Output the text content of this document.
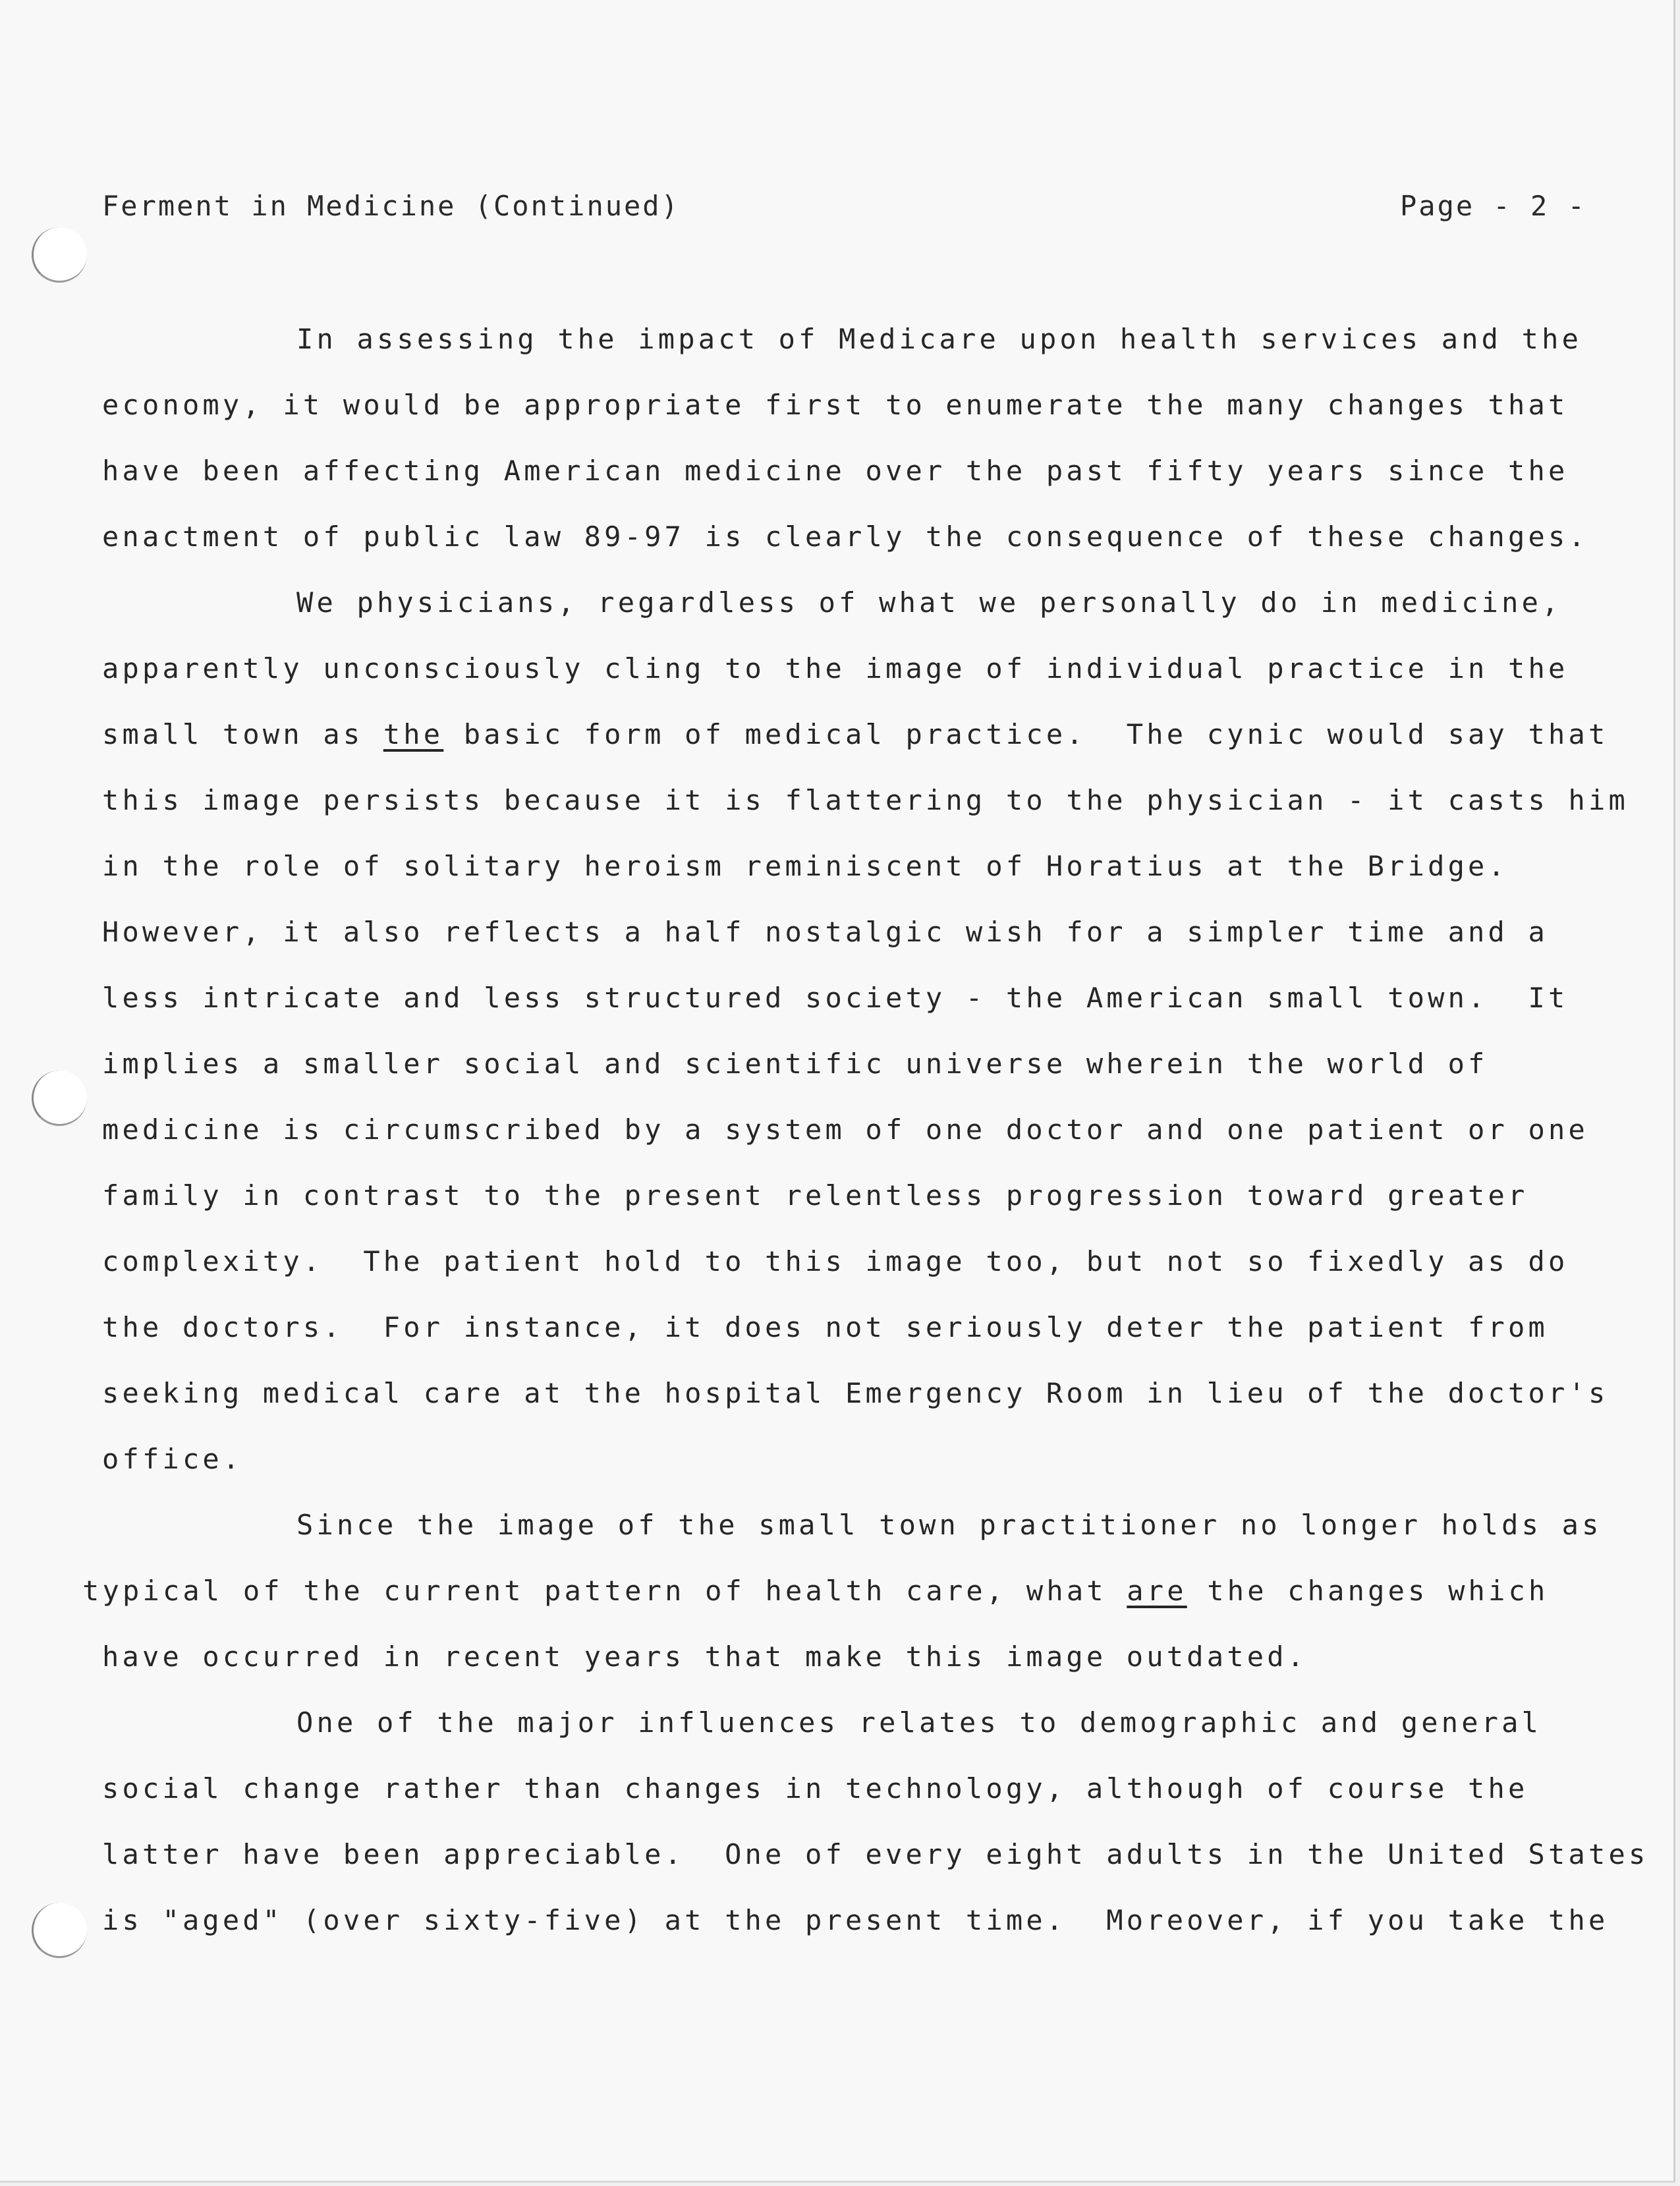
Ferment in Medicine (Continued)	Page - 2 -
In assessing the impact of Medicare upon health services and the
economy, it would be appropriate first to enumerate the many changes that
have been affecting American medicine over the past fifty years since the
enactment of public law 89-97 is clearly the consequence of these changes.
We physicians, regardless of what we personally do in medicine,
apparently unconsciously cling to the image of individual practice in the
small town as the basic form of medical practice.  The cynic would say that
this image persists because it is flattering to the physician - it casts him
in the role of solitary heroism reminiscent of Horatius at the Bridge.
However, it also reflects a half nostalgic wish for a simpler time and a
less intricate and less structured society - the American small town.  It
implies a smaller social and scientific universe wherein the world of
medicine is circumscribed by a system of one doctor and one patient or one
family in contrast to the present relentless progression toward greater
complexity.  The patient hold to this image too, but not so fixedly as do
the doctors.  For instance, it does not seriously deter the patient from
seeking medical care at the hospital Emergency Room in lieu of the doctor's
office.
Since the image of the small town practitioner no longer holds as
typical of the current pattern of health care, what are the changes which
have occurred in recent years that make this image outdated.
One of the major influences relates to demographic and general
social change rather than changes in technology, although of course the
latter have been appreciable.  One of every eight adults in the United States
is "aged" (over sixty-five) at the present time.  Moreover, if you take the
